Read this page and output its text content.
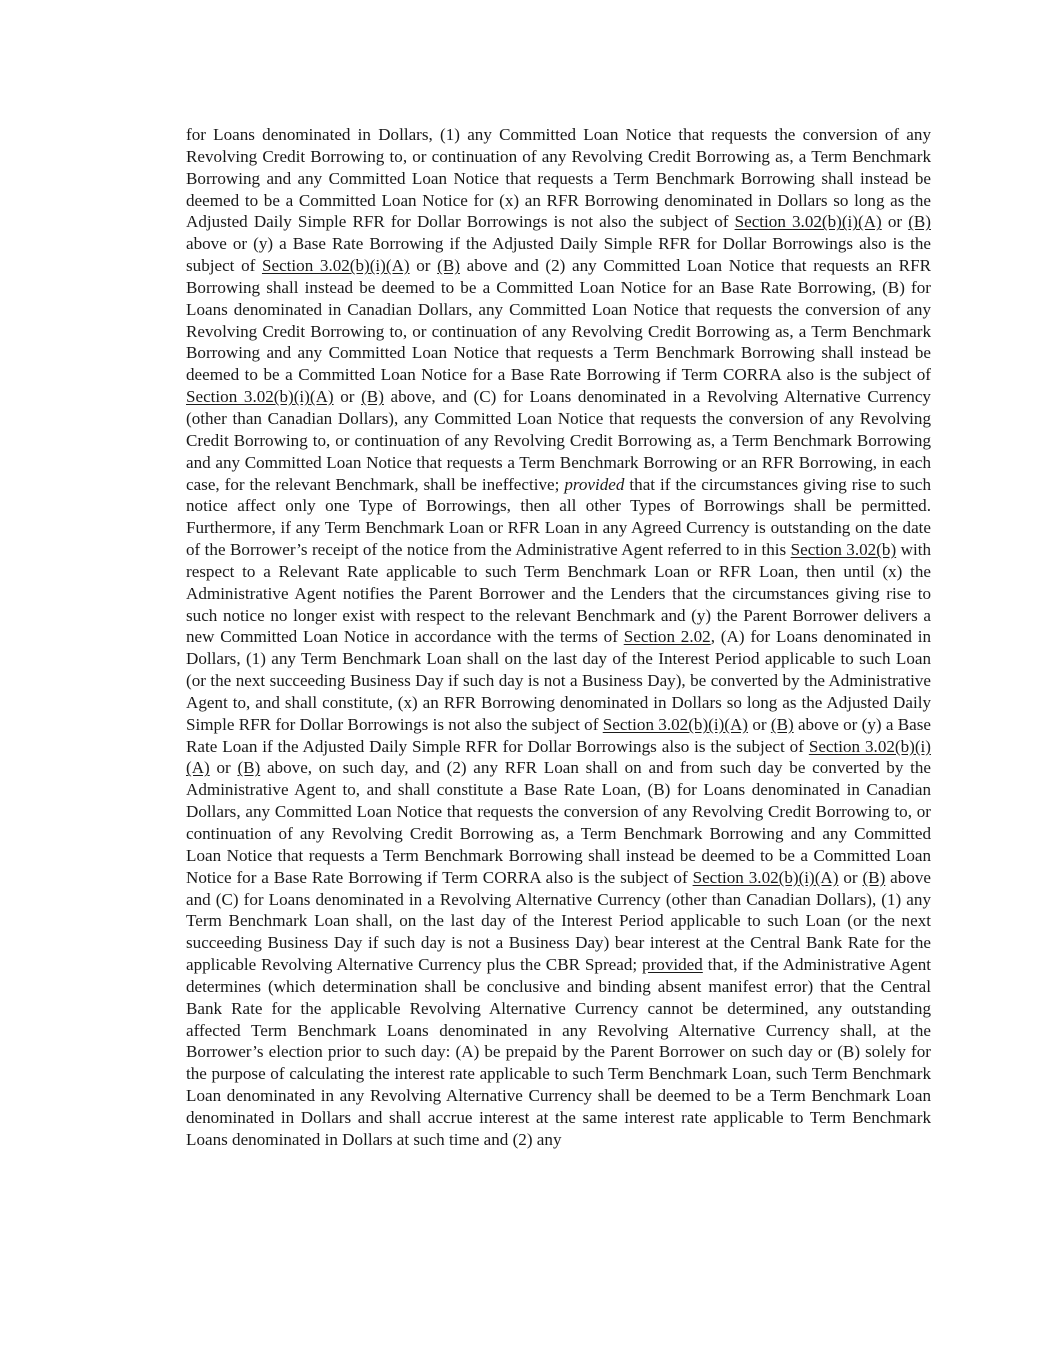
for Loans denominated in Dollars, (1) any Committed Loan Notice that requests the conversion of any Revolving Credit Borrowing to, or continuation of any Revolving Credit Borrowing as, a Term Benchmark Borrowing and any Committed Loan Notice that requests a Term Benchmark Borrowing shall instead be deemed to be a Committed Loan Notice for (x) an RFR Borrowing denominated in Dollars so long as the Adjusted Daily Simple RFR for Dollar Borrowings is not also the subject of Section 3.02(b)(i)(A) or (B) above or (y) a Base Rate Borrowing if the Adjusted Daily Simple RFR for Dollar Borrowings also is the subject of Section 3.02(b)(i)(A) or (B) above and (2) any Committed Loan Notice that requests an RFR Borrowing shall instead be deemed to be a Committed Loan Notice for an Base Rate Borrowing, (B) for Loans denominated in Canadian Dollars, any Committed Loan Notice that requests the conversion of any Revolving Credit Borrowing to, or continuation of any Revolving Credit Borrowing as, a Term Benchmark Borrowing and any Committed Loan Notice that requests a Term Benchmark Borrowing shall instead be deemed to be a Committed Loan Notice for a Base Rate Borrowing if Term CORRA also is the subject of Section 3.02(b)(i)(A) or (B) above, and (C) for Loans denominated in a Revolving Alternative Currency (other than Canadian Dollars), any Committed Loan Notice that requests the conversion of any Revolving Credit Borrowing to, or continuation of any Revolving Credit Borrowing as, a Term Benchmark Borrowing and any Committed Loan Notice that requests a Term Benchmark Borrowing or an RFR Borrowing, in each case, for the relevant Benchmark, shall be ineffective; provided that if the circumstances giving rise to such notice affect only one Type of Borrowings, then all other Types of Borrowings shall be permitted. Furthermore, if any Term Benchmark Loan or RFR Loan in any Agreed Currency is outstanding on the date of the Borrower’s receipt of the notice from the Administrative Agent referred to in this Section 3.02(b) with respect to a Relevant Rate applicable to such Term Benchmark Loan or RFR Loan, then until (x) the Administrative Agent notifies the Parent Borrower and the Lenders that the circumstances giving rise to such notice no longer exist with respect to the relevant Benchmark and (y) the Parent Borrower delivers a new Committed Loan Notice in accordance with the terms of Section 2.02, (A) for Loans denominated in Dollars, (1) any Term Benchmark Loan shall on the last day of the Interest Period applicable to such Loan (or the next succeeding Business Day if such day is not a Business Day), be converted by the Administrative Agent to, and shall constitute, (x) an RFR Borrowing denominated in Dollars so long as the Adjusted Daily Simple RFR for Dollar Borrowings is not also the subject of Section 3.02(b)(i)(A) or (B) above or (y) a Base Rate Loan if the Adjusted Daily Simple RFR for Dollar Borrowings also is the subject of Section 3.02(b)(i)(A) or (B) above, on such day, and (2) any RFR Loan shall on and from such day be converted by the Administrative Agent to, and shall constitute a Base Rate Loan, (B) for Loans denominated in Canadian Dollars, any Committed Loan Notice that requests the conversion of any Revolving Credit Borrowing to, or continuation of any Revolving Credit Borrowing as, a Term Benchmark Borrowing and any Committed Loan Notice that requests a Term Benchmark Borrowing shall instead be deemed to be a Committed Loan Notice for a Base Rate Borrowing if Term CORRA also is the subject of Section 3.02(b)(i)(A) or (B) above and (C) for Loans denominated in a Revolving Alternative Currency (other than Canadian Dollars), (1) any Term Benchmark Loan shall, on the last day of the Interest Period applicable to such Loan (or the next succeeding Business Day if such day is not a Business Day) bear interest at the Central Bank Rate for the applicable Revolving Alternative Currency plus the CBR Spread; provided that, if the Administrative Agent determines (which determination shall be conclusive and binding absent manifest error) that the Central Bank Rate for the applicable Revolving Alternative Currency cannot be determined, any outstanding affected Term Benchmark Loans denominated in any Revolving Alternative Currency shall, at the Borrower’s election prior to such day: (A) be prepaid by the Parent Borrower on such day or (B) solely for the purpose of calculating the interest rate applicable to such Term Benchmark Loan, such Term Benchmark Loan denominated in any Revolving Alternative Currency shall be deemed to be a Term Benchmark Loan denominated in Dollars and shall accrue interest at the same interest rate applicable to Term Benchmark Loans denominated in Dollars at such time and (2) any
